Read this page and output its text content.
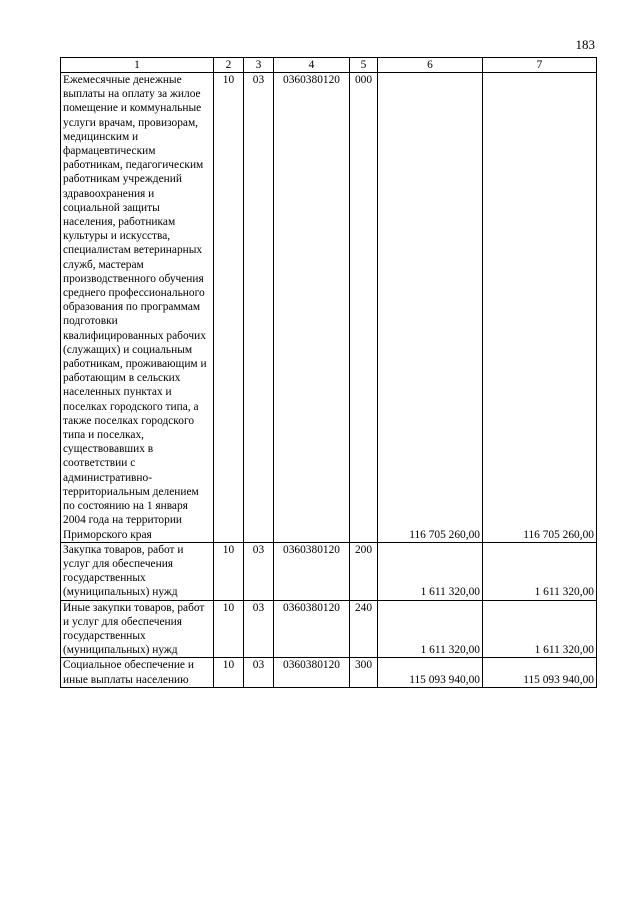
183
1	2	3	4	5	6	7
Ежемесячные денежные выплаты на оплату за жилое помещение и коммунальные услуги врачам, провизорам, медицинским и фармацевтическим работникам, педагогическим работникам учреждений здравоохранения и социальной защиты населения, работникам культуры и искусства, специалистам ветеринарных служб, мастерам производственного обучения среднего профессионального образования по программам подготовки квалифицированных рабочих (служащих) и социальным работникам, проживающим и работающим в сельских населенных пунктах и поселках городского типа, а также поселках городского типа и поселках, существовавших в соответствии с административно-территориальным делением по состоянию на 1 января 2004 года на территории Приморского края	10	03	0360380120	000	116 705 260,00	116 705 260,00
Закупка товаров, работ и услуг для обеспечения государственных (муниципальных) нужд	10	03	0360380120	200	1 611 320,00	1 611 320,00
Иные закупки товаров, работ и услуг для обеспечения государственных (муниципальных) нужд	10	03	0360380120	240	1 611 320,00	1 611 320,00
Социальное обеспечение и иные выплаты населению	10	03	0360380120	300	115 093 940,00	115 093 940,00
